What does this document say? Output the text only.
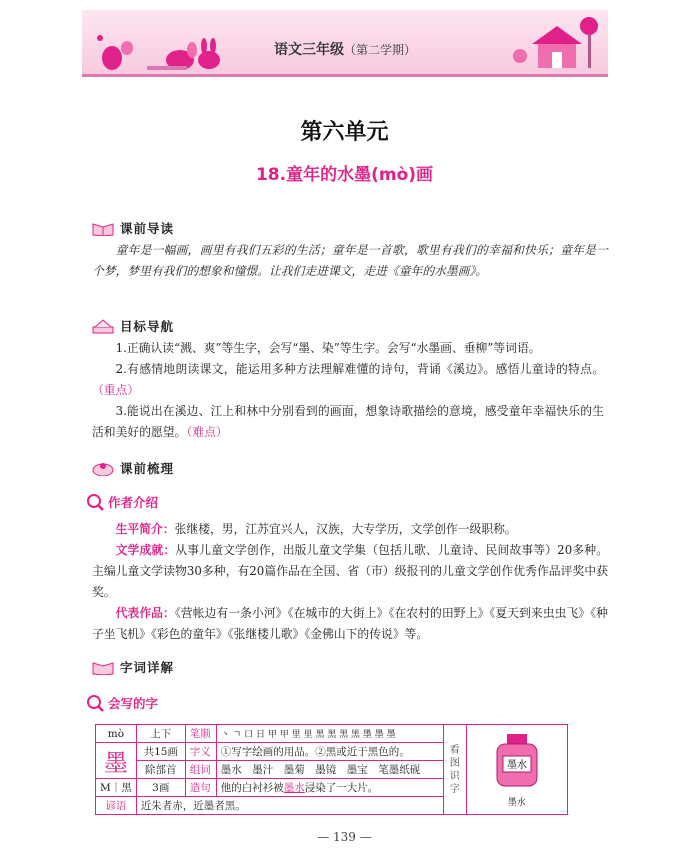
语文三年级（第二学期）
第六单元
18.童年的水墨(mò)画
课前导读
童年是一幅画，画里有我们五彩的生活；童年是一首歌，歌里有我们的幸福和快乐；童年是一个梦，梦里有我们的想象和憧憬。让我们走进课文，走进《童年的水墨画》。
目标导航
1.正确认读“溅、爽”等生字，会写“墨、染”等生字。会写“水墨画、垂柳”等词语。
2.有感情地朗读课文，能运用多种方法理解难懂的诗句，背诵《溪边》。感悟儿童诗的特点。（重点）
3.能说出在溪边、江上和林中分别看到的画面，想象诗歌描绘的意境，感受童年幸福快乐的生活和美好的愿望。（难点）
课前梳理
作者介绍
生平简介：张继楼，男，江苏宜兴人，汉族，大专学历，文学创作一级职称。
文学成就：从事儿童文学创作，出版儿童文学集（包括儿歌、儿童诗、民间故事等）20多种。主编儿童文学读物30多种，有20篇作品在全国、省（市）级报刊的儿童文学创作优秀作品评奖中获奖。
代表作品：《营帐边有一条小河》《在城市的大街上》《在农村的田野上》《夏天到来虫虫飞》《种子坐飞机》《彩色的童年》《张继楼儿歌》《金佛山下的传说》等。
字词详解
会写的字
mò	上下	笔顺	丶 ㄱ 口 日 甲 甲 里 里 黑 黑 黑 黑 墨 墨 墨	看图识字	墨水
墨水

墨	共15画	字义	①写字绘画的用品。②黑或近于黑色的。		
	除部首	组词	墨水　墨汁　墨菊　墨镜　墨宝　笔墨纸砚		
M｜黑	3画	造句	他的白衬衫被墨水浸染了一大片。		
谚语	近朱者赤，近墨者黑。				
— 139 —
